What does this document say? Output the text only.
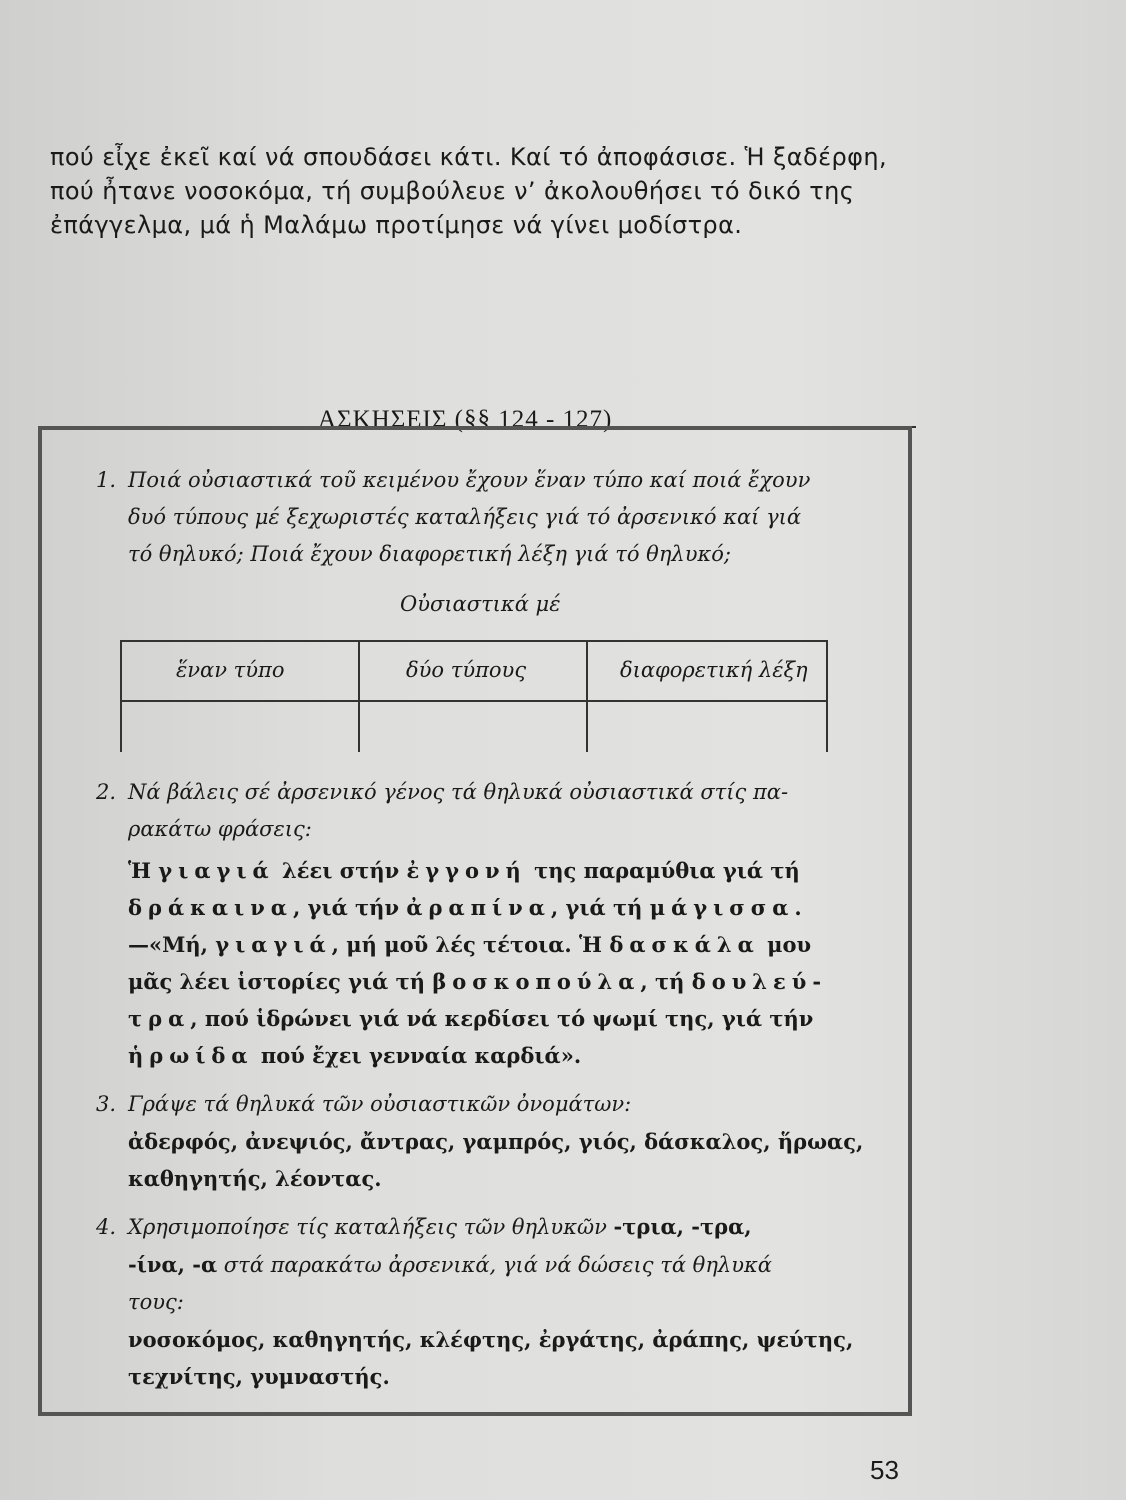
πού εἶχε ἐκεῖ καί νά σπουδάσει κάτι. Καί τό ἀποφάσισε. Ἡ ξαδέρφη,
πού ἦτανε νοσοκόμα, τή συμβούλευε ν’ ἀκολουθήσει τό δικό της
ἐπάγγελμα, μά ἡ Μαλάμω προτίμησε νά γίνει μοδίστρα.
ΑΣΚΗΣΕΙΣ (§§ 124 - 127)
1. Ποιά οὐσιαστικά τοῦ κειμένου ἔχουν ἕναν τύπο καί ποιά ἔχουν
δυό τύπους μέ ξεχωριστές καταλήξεις γιά τό ἀρσενικό καί γιά
τό θηλυκό; Ποιά ἔχουν διαφορετική λέξη γιά τό θηλυκό;
Οὐσιαστικά μέ
ἕναν τύπο	δύο τύπους	διαφορετική λέξη
2. Νά βάλεις σέ ἀρσενικό γένος τά θηλυκά οὐσιαστικά στίς πα-
ρακάτω φράσεις:
Ἡ γιαγιά λέει στήν ἐγγονή της παραμύθια γιά τή
δράκαινα, γιά τήν ἀραπίνα, γιά τή μάγισσα.
—«Μή, γιαγιά, μή μοῦ λές τέτοια. Ἡ δασκάλα μου
μᾶς λέει ἱστορίες γιά τή βοσκοπούλα, τή δουλεύ-
τρα, πού ἱδρώνει γιά νά κερδίσει τό ψωμί της, γιά τήν
ἡρωίδα πού ἔχει γενναία καρδιά».
3. Γράψε τά θηλυκά τῶν οὐσιαστικῶν ὀνομάτων:
ἀδερφός, ἀνεψιός, ἄντρας, γαμπρός, γιός, δάσκαλος, ἥρωας,
καθηγητής, λέοντας.
4. Χρησιμοποίησε τίς καταλήξεις τῶν θηλυκῶν -τρια, -τρα,
-ίνα, -α στά παρακάτω ἀρσενικά, γιά νά δώσεις τά θηλυκά
τους:
νοσοκόμος, καθηγητής, κλέφτης, ἐργάτης, ἀράπης, ψεύτης,
τεχνίτης, γυμναστής.
53
